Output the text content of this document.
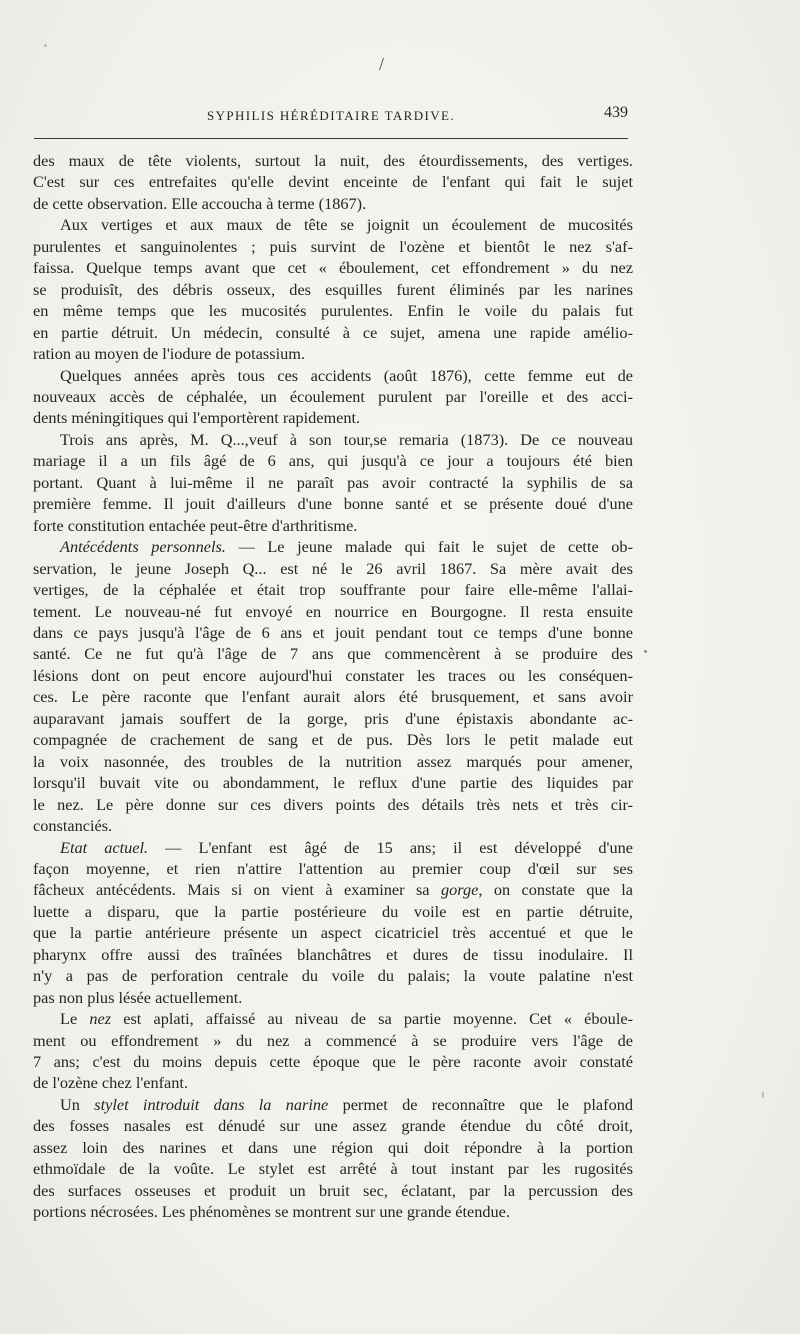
SYPHILIS HÉRÉDITAIRE TARDIVE.	439
des maux de tête violents, surtout la nuit, des étourdissements, des vertiges.
C'est sur ces entrefaites qu'elle devint enceinte de l'enfant qui fait le sujet
de cette observation. Elle accoucha à terme (1867).
Aux vertiges et aux maux de tête se joignit un écoulement de mucosités
purulentes et sanguinolentes ; puis survint de l'ozène et bientôt le nez s'af-
faissa. Quelque temps avant que cet « éboulement, cet effondrement » du nez
se produisît, des débris osseux, des esquilles furent éliminés par les narines
en même temps que les mucosités purulentes. Enfin le voile du palais fut
en partie détruit. Un médecin, consulté à ce sujet, amena une rapide amélio-
ration au moyen de l'iodure de potassium.
Quelques années après tous ces accidents (août 1876), cette femme eut de
nouveaux accès de céphalée, un écoulement purulent par l'oreille et des acci-
dents méningitiques qui l'emportèrent rapidement.
Trois ans après, M. Q...,veuf à son tour,se remaria (1873). De ce nouveau
mariage il a un fils âgé de 6 ans, qui jusqu'à ce jour a toujours été bien
portant. Quant à lui-même il ne paraît pas avoir contracté la syphilis de sa
première femme. Il jouit d'ailleurs d'une bonne santé et se présente doué d'une
forte constitution entachée peut-être d'arthritisme.
Antécédents personnels. — Le jeune malade qui fait le sujet de cette ob-
servation, le jeune Joseph Q... est né le 26 avril 1867. Sa mère avait des
vertiges, de la céphalée et était trop souffrante pour faire elle-même l'allai-
tement. Le nouveau-né fut envoyé en nourrice en Bourgogne. Il resta ensuite
dans ce pays jusqu'à l'âge de 6 ans et jouit pendant tout ce temps d'une bonne
santé. Ce ne fut qu'à l'âge de 7 ans que commencèrent à se produire des
lésions dont on peut encore aujourd'hui constater les traces ou les conséquen-
ces. Le père raconte que l'enfant aurait alors été brusquement, et sans avoir
auparavant jamais souffert de la gorge, pris d'une épistaxis abondante ac-
compagnée de crachement de sang et de pus. Dès lors le petit malade eut
la voix nasonnée, des troubles de la nutrition assez marqués pour amener,
lorsqu'il buvait vite ou abondamment, le reflux d'une partie des liquides par
le nez. Le père donne sur ces divers points des détails très nets et très cir-
constanciés.
Etat actuel. — L'enfant est âgé de 15 ans; il est développé d'une
façon moyenne, et rien n'attire l'attention au premier coup d'œil sur ses
fâcheux antécédents. Mais si on vient à examiner sa gorge, on constate que la
luette a disparu, que la partie postérieure du voile est en partie détruite,
que la partie antérieure présente un aspect cicatriciel très accentué et que le
pharynx offre aussi des traînées blanchâtres et dures de tissu inodulaire. Il
n'y a pas de perforation centrale du voile du palais; la voute palatine n'est
pas non plus lésée actuellement.
Le nez est aplati, affaissé au niveau de sa partie moyenne. Cet « éboule-
ment ou effondrement » du nez a commencé à se produire vers l'âge de
7 ans; c'est du moins depuis cette époque que le père raconte avoir constaté
de l'ozène chez l'enfant.
Un stylet introduit dans la narine permet de reconnaître que le plafond
des fosses nasales est dénudé sur une assez grande étendue du côté droit,
assez loin des narines et dans une région qui doit répondre à la portion
ethmoïdale de la voûte. Le stylet est arrêté à tout instant par les rugosités
des surfaces osseuses et produit un bruit sec, éclatant, par la percussion des
portions nécrosées. Les phénomènes se montrent sur une grande étendue.
